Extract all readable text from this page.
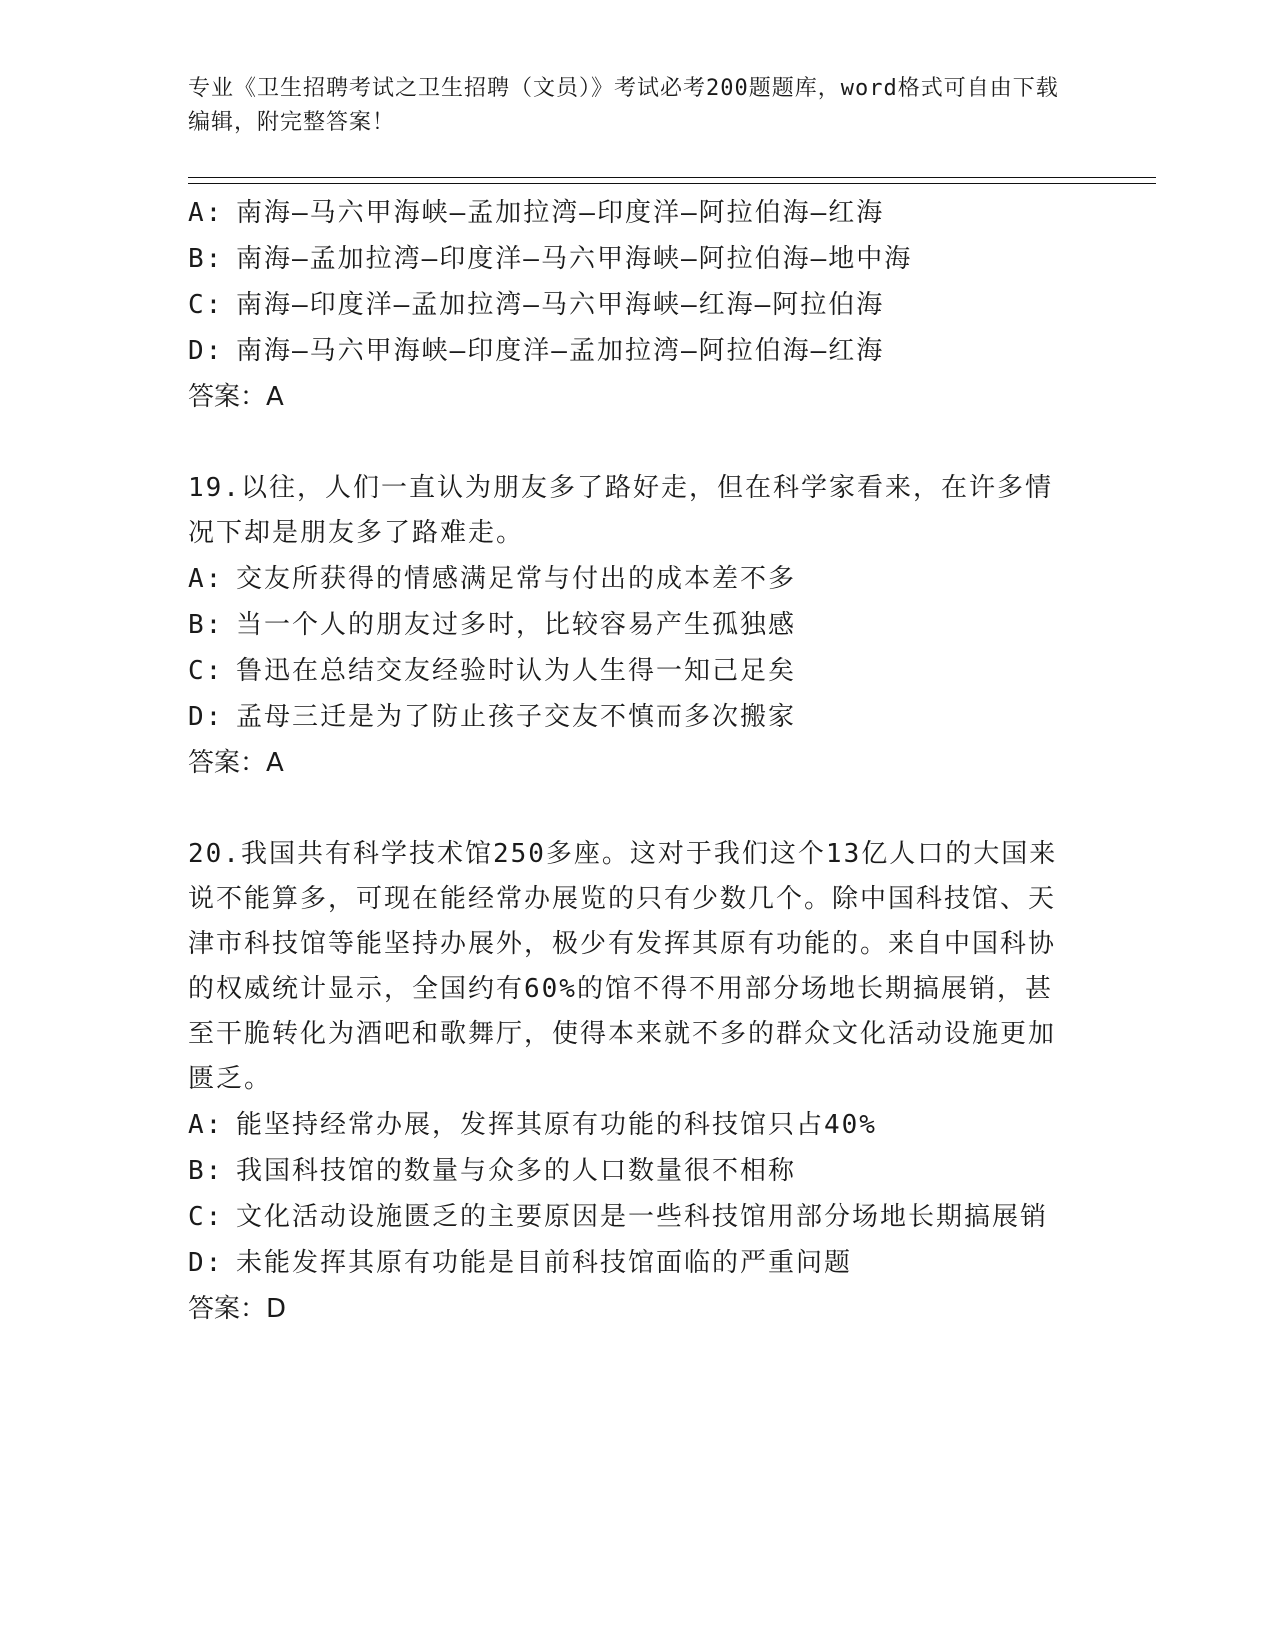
专业《卫生招聘考试之卫生招聘（文员）》考试必考200题题库，word格式可自由下载编辑，附完整答案！
A: 南海—马六甲海峡—孟加拉湾—印度洋—阿拉伯海—红海
B: 南海—孟加拉湾—印度洋—马六甲海峡—阿拉伯海—地中海
C: 南海—印度洋—孟加拉湾—马六甲海峡—红海—阿拉伯海
D: 南海—马六甲海峡—印度洋—孟加拉湾—阿拉伯海—红海
答案：A
19.以往，人们一直认为朋友多了路好走，但在科学家看来，在许多情况下却是朋友多了路难走。
A: 交友所获得的情感满足常与付出的成本差不多
B: 当一个人的朋友过多时，比较容易产生孤独感
C: 鲁迅在总结交友经验时认为人生得一知己足矣
D: 孟母三迁是为了防止孩子交友不慎而多次搬家
答案：A
20.我国共有科学技术馆250多座。这对于我们这个13亿人口的大国来说不能算多，可现在能经常办展览的只有少数几个。除中国科技馆、天津市科技馆等能坚持办展外，极少有发挥其原有功能的。来自中国科协的权威统计显示，全国约有60%的馆不得不用部分场地长期搞展销，甚至干脆转化为酒吧和歌舞厅，使得本来就不多的群众文化活动设施更加匮乏。
A: 能坚持经常办展，发挥其原有功能的科技馆只占40%
B: 我国科技馆的数量与众多的人口数量很不相称
C: 文化活动设施匮乏的主要原因是一些科技馆用部分场地长期搞展销
D: 未能发挥其原有功能是目前科技馆面临的严重问题
答案：D
